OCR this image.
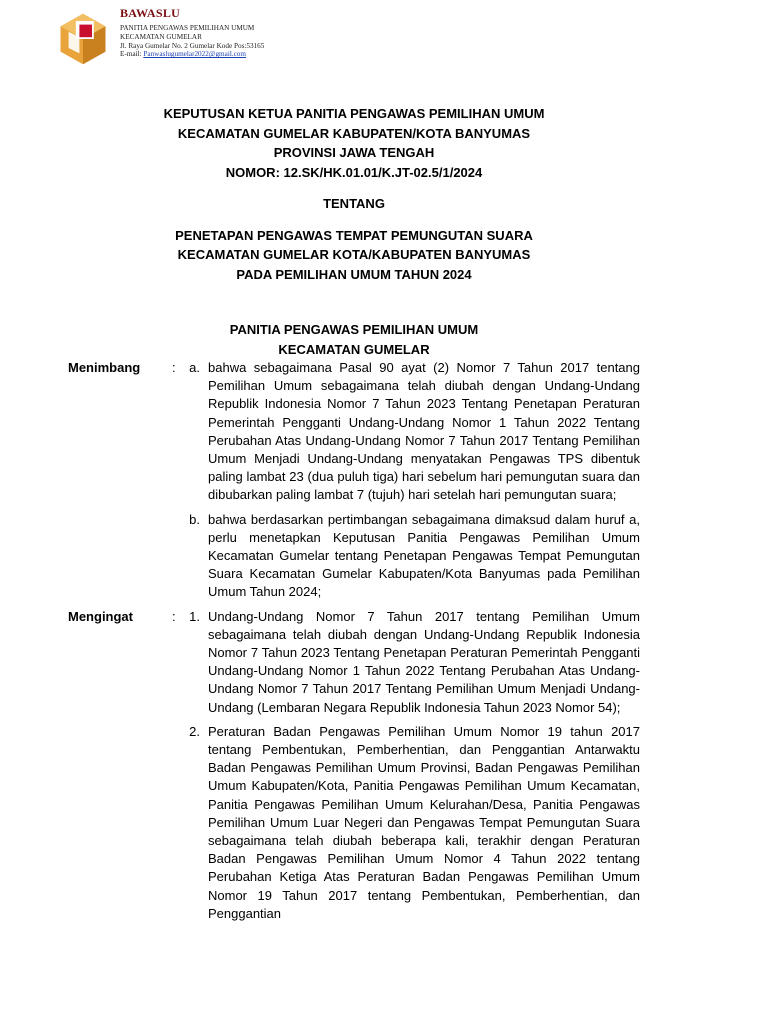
BAWASLU
PANITIA PENGAWAS PEMILIHAN UMUM
KECAMATAN GUMELAR
Jl. Raya Gumelar No. 2 Gumelar Kode Pos:53165
E-mail: Panwaslugumelar2022@gmail.com
KEPUTUSAN KETUA PANITIA PENGAWAS PEMILIHAN UMUM
KECAMATAN GUMELAR KABUPATEN/KOTA BANYUMAS
PROVINSI JAWA TENGAH
NOMOR: 12.SK/HK.01.01/K.JT-02.5/1/2024
TENTANG
PENETAPAN PENGAWAS TEMPAT PEMUNGUTAN SUARA
KECAMATAN GUMELAR KOTA/KABUPATEN BANYUMAS
PADA PEMILIHAN UMUM TAHUN 2024
PANITIA PENGAWAS PEMILIHAN UMUM
KECAMATAN GUMELAR
Menimbang	:	a. bahwa sebagaimana Pasal 90 ayat (2) Nomor 7 Tahun 2017 tentang Pemilihan Umum sebagaimana telah diubah dengan Undang-Undang Republik Indonesia Nomor 7 Tahun 2023 Tentang Penetapan Peraturan Pemerintah Pengganti Undang-Undang Nomor 1 Tahun 2022 Tentang Perubahan Atas Undang-Undang Nomor 7 Tahun 2017 Tentang Pemilihan Umum Menjadi Undang-Undang menyatakan Pengawas TPS dibentuk paling lambat 23 (dua puluh tiga) hari sebelum hari pemungutan suara dan dibubarkan paling lambat 7 (tujuh) hari setelah hari pemungutan suara;
b. bahwa berdasarkan pertimbangan sebagaimana dimaksud dalam huruf a, perlu menetapkan Keputusan Panitia Pengawas Pemilihan Umum Kecamatan Gumelar tentang Penetapan Pengawas Tempat Pemungutan Suara Kecamatan Gumelar Kabupaten/Kota Banyumas pada Pemilihan Umum Tahun 2024;
Mengingat	:	1. Undang-Undang Nomor 7 Tahun 2017 tentang Pemilihan Umum sebagaimana telah diubah dengan Undang-Undang Republik Indonesia Nomor 7 Tahun 2023 Tentang Penetapan Peraturan Pemerintah Pengganti Undang-Undang Nomor 1 Tahun 2022 Tentang Perubahan Atas Undang-Undang Nomor 7 Tahun 2017 Tentang Pemilihan Umum Menjadi Undang-Undang (Lembaran Negara Republik Indonesia Tahun 2023 Nomor 54);
2. Peraturan Badan Pengawas Pemilihan Umum Nomor 19 tahun 2017 tentang Pembentukan, Pemberhentian, dan Penggantian Antarwaktu Badan Pengawas Pemilihan Umum Provinsi, Badan Pengawas Pemilihan Umum Kabupaten/Kota, Panitia Pengawas Pemilihan Umum Kecamatan, Panitia Pengawas Pemilihan Umum Kelurahan/Desa, Panitia Pengawas Pemilihan Umum Luar Negeri dan Pengawas Tempat Pemungutan Suara sebagaimana telah diubah beberapa kali, terakhir dengan Peraturan Badan Pengawas Pemilihan Umum Nomor 4 Tahun 2022 tentang Perubahan Ketiga Atas Peraturan Badan Pengawas Pemilihan Umum Nomor 19 Tahun 2017 tentang Pembentukan, Pemberhentian, dan Penggantian
